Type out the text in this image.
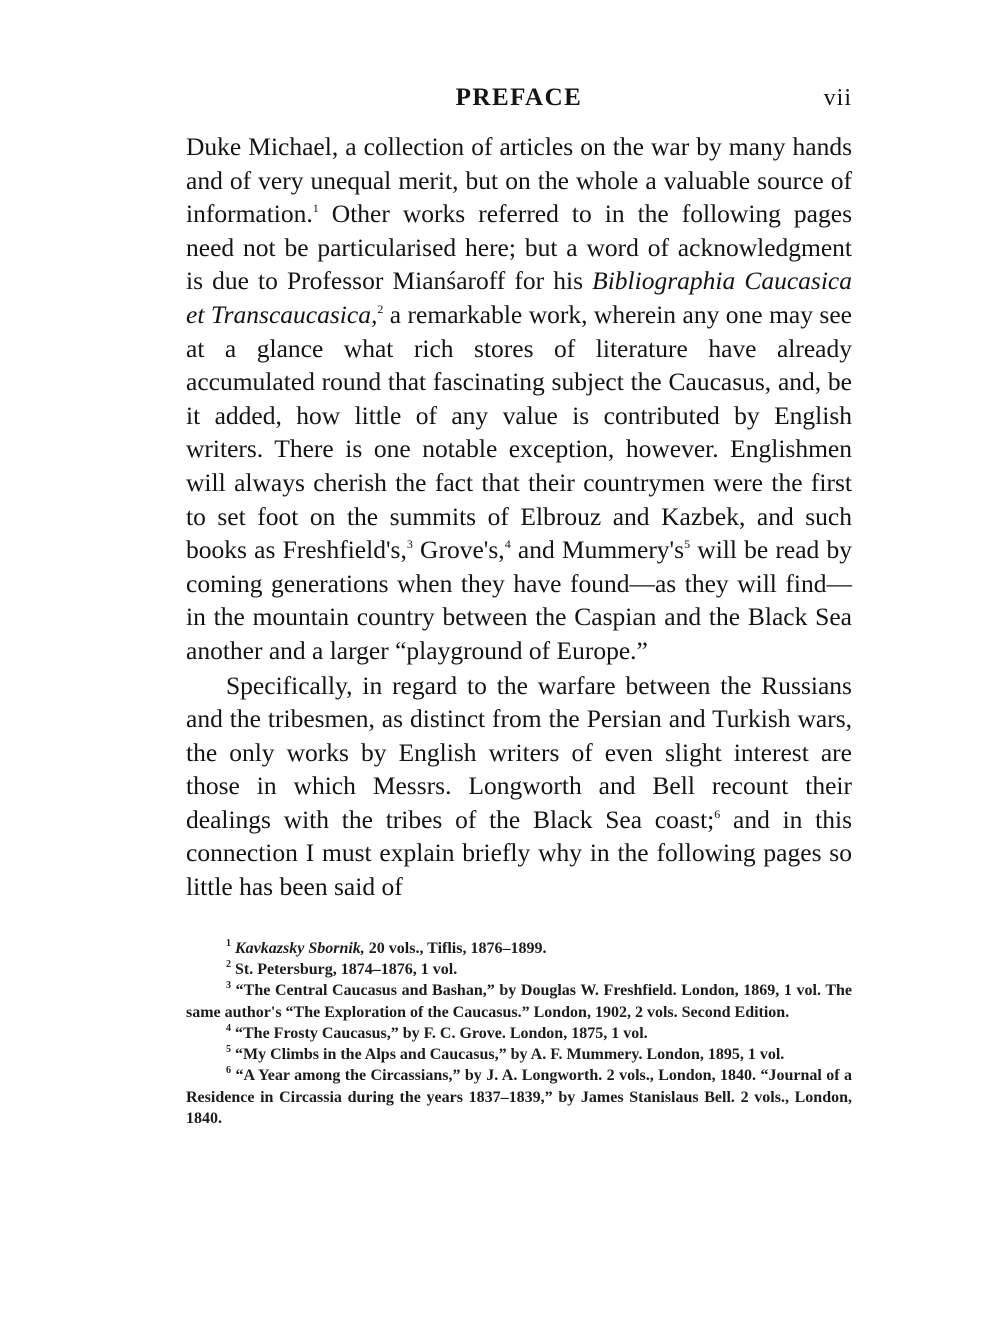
PREFACE	vii

Duke Michael, a collection of articles on the war by many hands and of very unequal merit, but on the whole a valuable source of information.$^1$ Other works referred to in the following pages need not be particularised here; but a word of acknowledgment is due to Professor Mianśaroff for his Bibliographia Caucasica et Transcaucasica,$^2$ a remarkable work, wherein any one may see at a glance what rich stores of literature have already accumulated round that fascinating subject the Caucasus, and, be it added, how little of any value is contributed by English writers. There is one notable exception, however. Englishmen will always cherish the fact that their countrymen were the first to set foot on the summits of Elbrouz and Kazbek, and such books as Freshfield's,$^3$ Grove's,$^4$ and $Mummery's^5$ will be read by coming generations when they have found—as they will find—in the mountain country between the Caspian and the Black Sea another and a larger “playground of Europe.”

Specifically, in regard to the warfare between the Russians and the tribesmen, as distinct from the Persian and Turkish wars, the only works by English writers of even slight interest are those in which Messrs. Longworth and Bell recount their dealings with the tribes of the Black Sea coast;$^6$ and in this connection I must explain briefly why in the following pages so little has been said of

$^1$ Kavkazsky Sbornik, 20 vols., Tiflis, 1876–1899.

$^2$ St. Petersburg, 1874–1876, 1 vol.

$^3$ “The Central Caucasus and Bashan,” by Douglas W. Freshfield. London, 1869, 1 vol. The same author's “The Exploration of the Caucasus.” London, 1902, 2 vols. Second Edition.

$^4$ “The Frosty Caucasus,” by F. C. Grove. London, 1875, 1 vol.

$^5$ “My Climbs in the Alps and Caucasus,” by A. F. Mummery. London, 1895, 1 vol.

$^6$ “A Year among the Circassians,” by J. A. Longworth. 2 vols., London, 1840. “Journal of a Residence in Circassia during the years 1837–1839,” by James Stanislaus Bell. 2 vols., London, 1840.
